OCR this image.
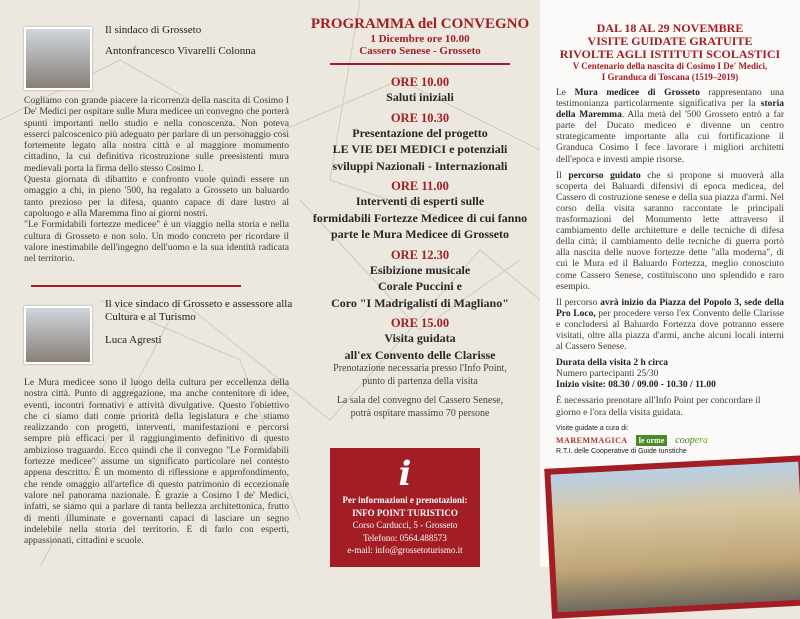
Il sindaco di Grosseto
Antonfrancesco Vivarelli Colonna

Cogliamo con grande piacere la ricorrenza della nascita di Cosimo I De' Medici per ospitare sulle Mura medicee un convegno che porterà spunti importanti nello studio e nella conoscenza. Non poteva esserci palcoscenico più adeguato per parlare di un personaggio così fortemente legato alla nostra città e al maggiore monumento cittadino, la cui definitiva ricostruzione sulle preesistenti mura medievali porta la firma dello stesso Cosimo I.

Questa giornata di dibattito e confronto vuole quindi essere un omaggio a chi, in pieno '500, ha regalato a Grosseto un baluardo tanto prezioso per la difesa, quanto capace di dare lustro al capoluogo e alla Maremma fino ai giorni nostri.

"Le Formidabili fortezze medicee" è un viaggio nella storia e nella cultura di Grosseto e non solo. Un modo concreto per ricordare il valore inestimabile dell'ingegno dell'uomo e la sua identità radicata nel territorio.

Il vice sindaco di Grosseto e assessore alla Cultura e al Turismo
Luca Agresti
Le Mura medicee sono il luogo della cultura per eccellenza della nostra città. Punto di aggregazione, ma anche contenitore di idee, eventi, incontri formativi e attività divulgative. Questo l'obiettivo che ci siamo dati come priorità della legislatura e che stiamo realizzando con progetti, interventi, manifestazioni e percorsi sempre più efficaci per il raggiungimento definitivo di questo ambizioso traguardo. Ecco quindi che il convegno "Le Formidabili fortezze medicee" assume un significato particolare nel contesto appena descritto. È un momento di riflessione e approfondimento, che rende omaggio all'artefice di questo patrimonio di eccezionale valore nel panorama nazionale. È grazie a Cosimo I de' Medici, infatti, se siamo qui a parlare di tanta bellezza architettonica, frutto di menti illuminate e governanti capaci di lasciare un segno indelebile nella storia del territorio. E di farlo con esperti, appassionati, cittadini e scuole.
PROGRAMMA del CONVEGNO
1 Dicembre ore 10.00
Cassero Senese - Grosseto
ORE 10.00
Saluti iniziali
ORE 10.30
Presentazione del progetto
LE VIE DEI MEDICI e potenziali
sviluppi Nazionali - Internazionali
ORE 11.00
Interventi di esperti sulle
formidabili Fortezze Medicee di cui fanno
parte le Mura Medicee di Grosseto
ORE 12.30
Esibizione musicale
Corale Puccini e
Coro "I Madrigalisti di Magliano"
ORE 15.00
Visita guidata
all'ex Convento delle Clarisse
Prenotazione necessaria presso l'Info Point,
punto di partenza della visita
La sala del convegno del Cassero Senese,
potrà ospitare massimo 70 persone
i
Per informazioni e prenotazioni:
INFO POINT TURISTICO
Corso Carducci, 5 - Grosseto
Telefono: 0564.488573
e-mail: info@grossetoturismo.it
DAL 18 AL 29 NOVEMBRE
VISITE GUIDATE GRATUITE
RIVOLTE AGLI ISTITUTI SCOLASTICI
V Centenario della nascita di Cosimo I De' Medici,
I Granduca di Toscana (1519–2019)

Le Mura medicee di Grosseto rappresentano una testimonianza particolarmente significativa per la storia della Maremma. Alla metà del '500 Grosseto entrò a far parte del Ducato mediceo e divenne un centro strategicamente importante alla cui fortificazione il Granduca Cosimo I fece lavorare i migliori architetti dell'epoca e investì ampie risorse.

Il percorso guidato che si propone si muoverà alla scoperta dei Baluardi difensivi di epoca medicea, del Cassero di costruzione senese e della sua piazza d'armi. Nel corso della visita saranno raccontate le principali trasformazioni del Monumento lette attraverso il cambiamento delle architetture e delle tecniche di difesa della città; il cambiamento delle tecniche di guerra portò alla nascita delle nuove fortezze dette "alla moderna", di cui le Mura ed il Baluardo Fortezza, meglio conosciuto come Cassero Senese, costituiscono uno splendido e raro esempio.

Il percorso avrà inizio da Piazza del Popolo 3, sede della Pro Loco, per procedere verso l'ex Convento delle Clarisse e concludersi al Baluardo Fortezza dove potranno essere visitati, oltre alla piazza d'armi, anche alcuni locali interni al Cassero Senese.

Durata della visita 2 h circa
Numero partecipanti 25/30
Inizio visite: 08.30 / 09.00 - 10.30 / 11.00
È necessario prenotare all'Info Point per concordare il giorno e l'ora della visita guidata.
Visite guidate a cura di:
MAREMMAGICA	le orme	coopera
R.T.I. delle Cooperative di Guide turistiche
